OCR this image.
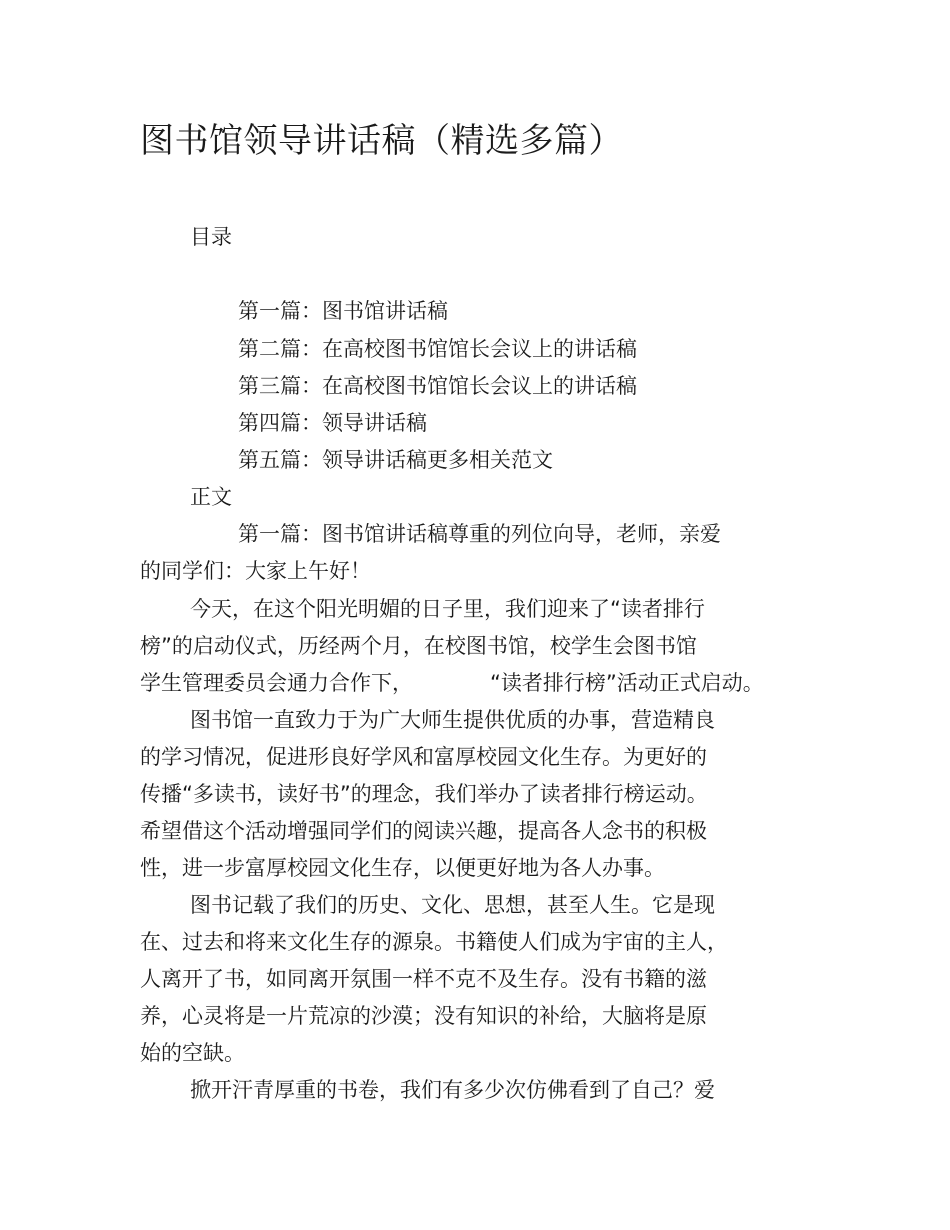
图书馆领导讲话稿（精选多篇）
目录
第一篇：图书馆讲话稿
第二篇：在高校图书馆馆长会议上的讲话稿
第三篇：在高校图书馆馆长会议上的讲话稿
第四篇：领导讲话稿
第五篇：领导讲话稿更多相关范文
正文
第一篇：图书馆讲话稿尊重的列位向导，老师，亲爱
的同学们：大家上午好！
今天，在这个阳光明媚的日子里，我们迎来了“读者排行
榜”的启动仪式，历经两个月，在校图书馆，校学生会图书馆
学生管理委员会通力合作下，	“读者排行榜”活动正式启动。
图书馆一直致力于为广大师生提供优质的办事，营造精良
的学习情况，促进形良好学风和富厚校园文化生存。为更好的
传播“多读书，读好书”的理念，我们举办了读者排行榜运动。
希望借这个活动增强同学们的阅读兴趣，提高各人念书的积极
性，进一步富厚校园文化生存，以便更好地为各人办事。
图书记载了我们的历史、文化、思想，甚至人生。它是现
在、过去和将来文化生存的源泉。书籍使人们成为宇宙的主人，
人离开了书，如同离开氛围一样不克不及生存。没有书籍的滋
养，心灵将是一片荒凉的沙漠；没有知识的补给，大脑将是原
始的空缺。
掀开汗青厚重的书卷，我们有多少次仿佛看到了自己？爱
